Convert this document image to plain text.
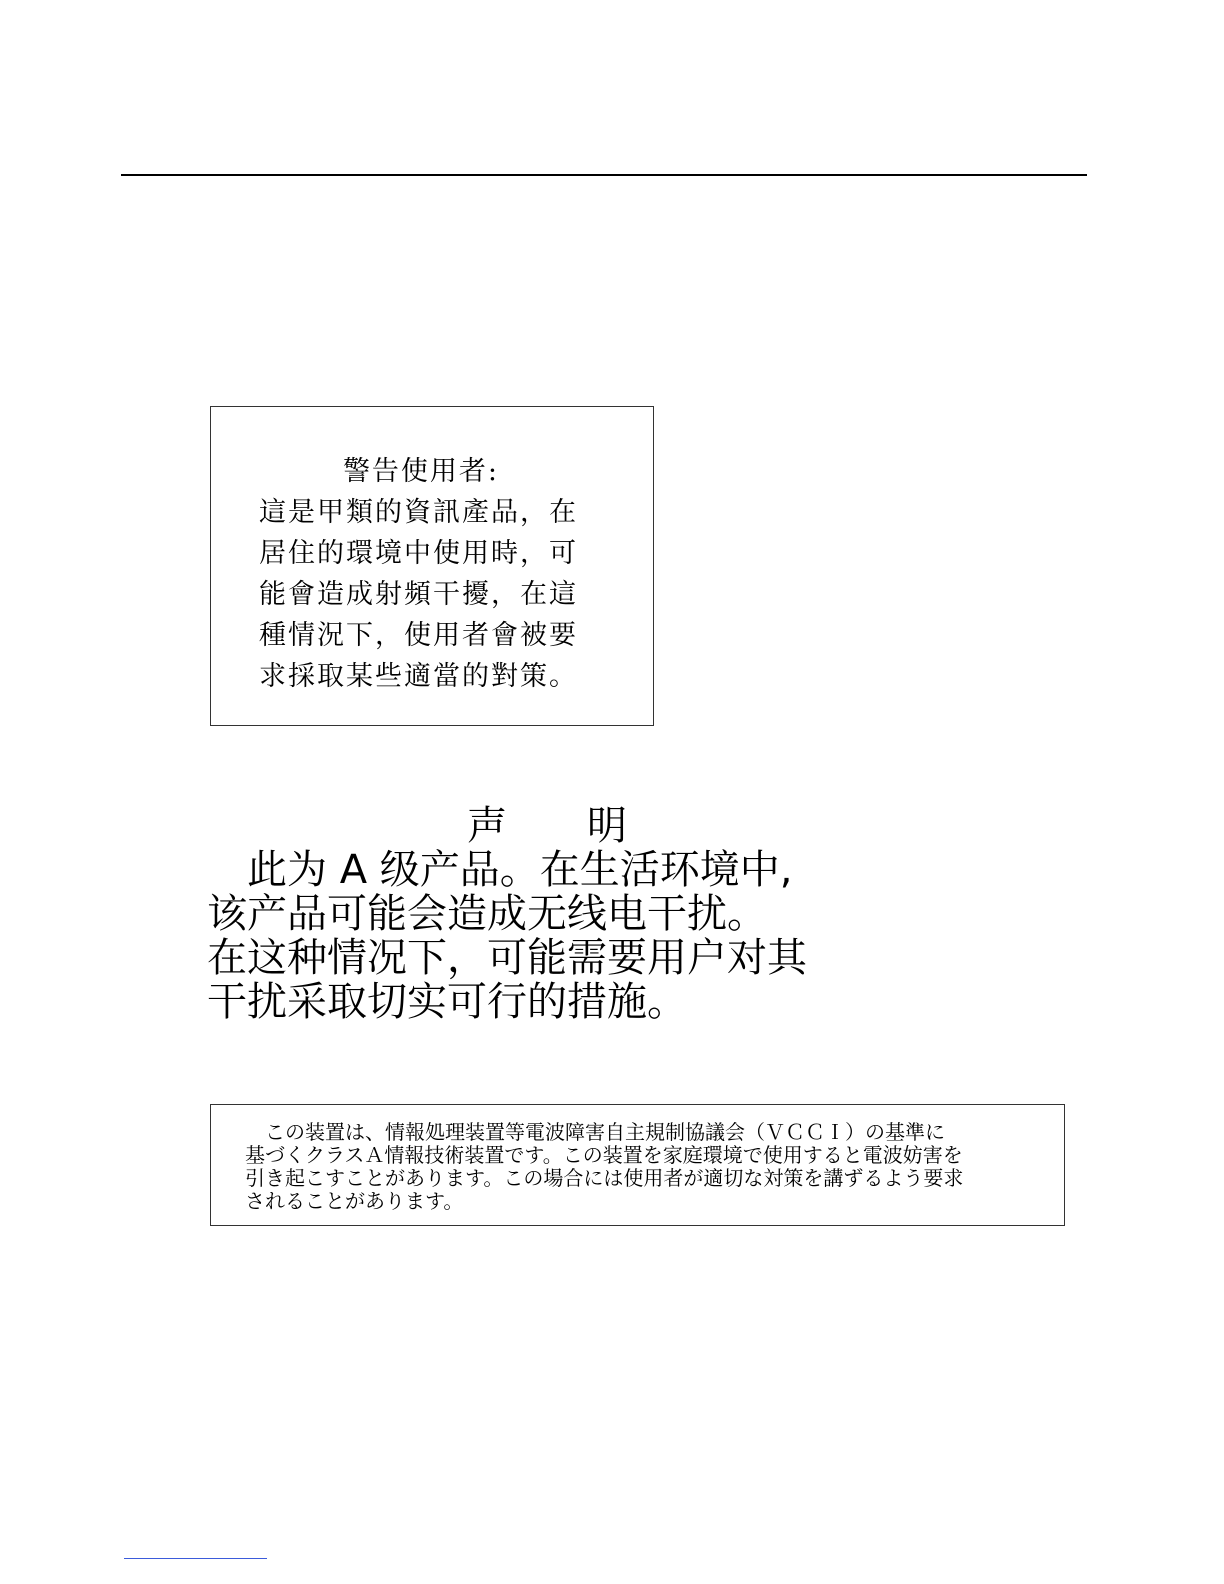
警告使用者:
這是甲類的資訊產品，在
居住的環境中使用時，可
能會造成射頻干擾，在這
種情況下，使用者會被要
求採取某些適當的對策。
声　　明
　此为 A 级产品。在生活环境中,
该产品可能会造成无线电干扰。
在这种情况下，可能需要用户对其
干扰采取切实可行的措施。
　この装置は、情報処理装置等電波障害自主規制協議会（ＶＣＣＩ）の基準に
基づくクラスＡ情報技術装置です。この装置を家庭環境で使用すると電波妨害を
引き起こすことがあります。この場合には使用者が適切な対策を講ずるよう要求
されることがあります。
